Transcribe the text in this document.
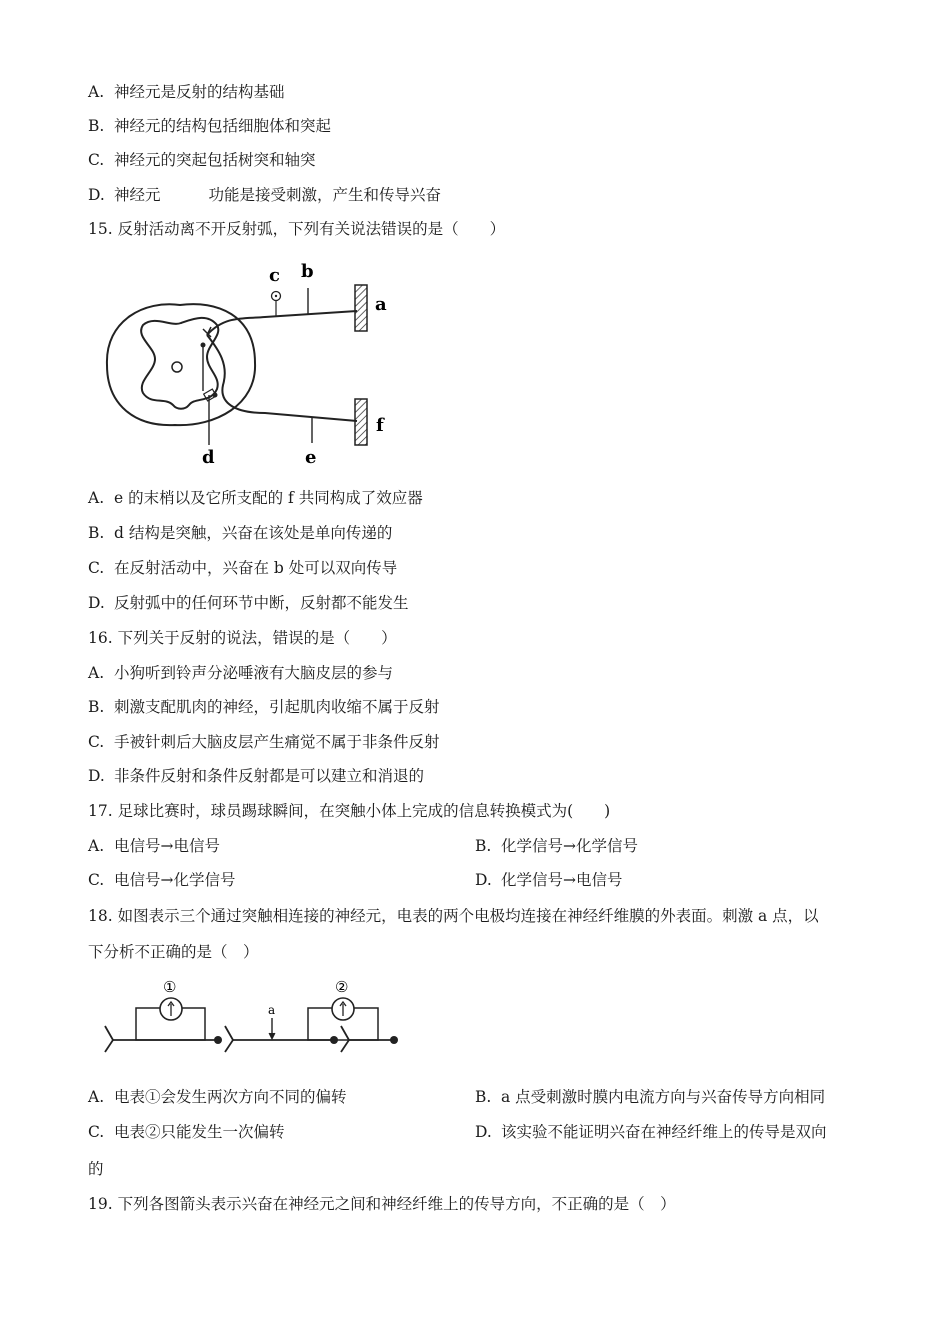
A. 神经元是反射的结构基础
B. 神经元的结构包括细胞体和突起
C. 神经元的突起包括树突和轴突
D. 神经元	功能是接受刺激，产生和传导兴奋
15. 反射活动离不开反射弧，下列有关说法错误的是（　　）
c b
a
f
d	e
A. e 的末梢以及它所支配的 f 共同构成了效应器
B. d 结构是突触，兴奋在该处是单向传递的
C. 在反射活动中，兴奋在 b 处可以双向传导
D. 反射弧中的任何环节中断，反射都不能发生
16. 下列关于反射的说法，错误的是（　　）
A. 小狗听到铃声分泌唾液有大脑皮层的参与
B. 刺激支配肌肉的神经，引起肌肉收缩不属于反射
C. 手被针刺后大脑皮层产生痛觉不属于非条件反射
D. 非条件反射和条件反射都是可以建立和消退的
17. 足球比赛时，球员踢球瞬间，在突触小体上完成的信息转换模式为(　　)
A. 电信号→电信号	B. 化学信号→化学信号
C. 电信号→化学信号	D. 化学信号→电信号
18. 如图表示三个通过突触相连接的神经元，电表的两个电极均连接在神经纤维膜的外表面。刺激 a 点，以
下分析不正确的是（　）
①
a
②
A. 电表①会发生两次方向不同的偏转	B. a 点受刺激时膜内电流方向与兴奋传导方向相同
C. 电表②只能发生一次偏转	D. 该实验不能证明兴奋在神经纤维上的传导是双向
的
19. 下列各图箭头表示兴奋在神经元之间和神经纤维上的传导方向，不正确的是（　）
